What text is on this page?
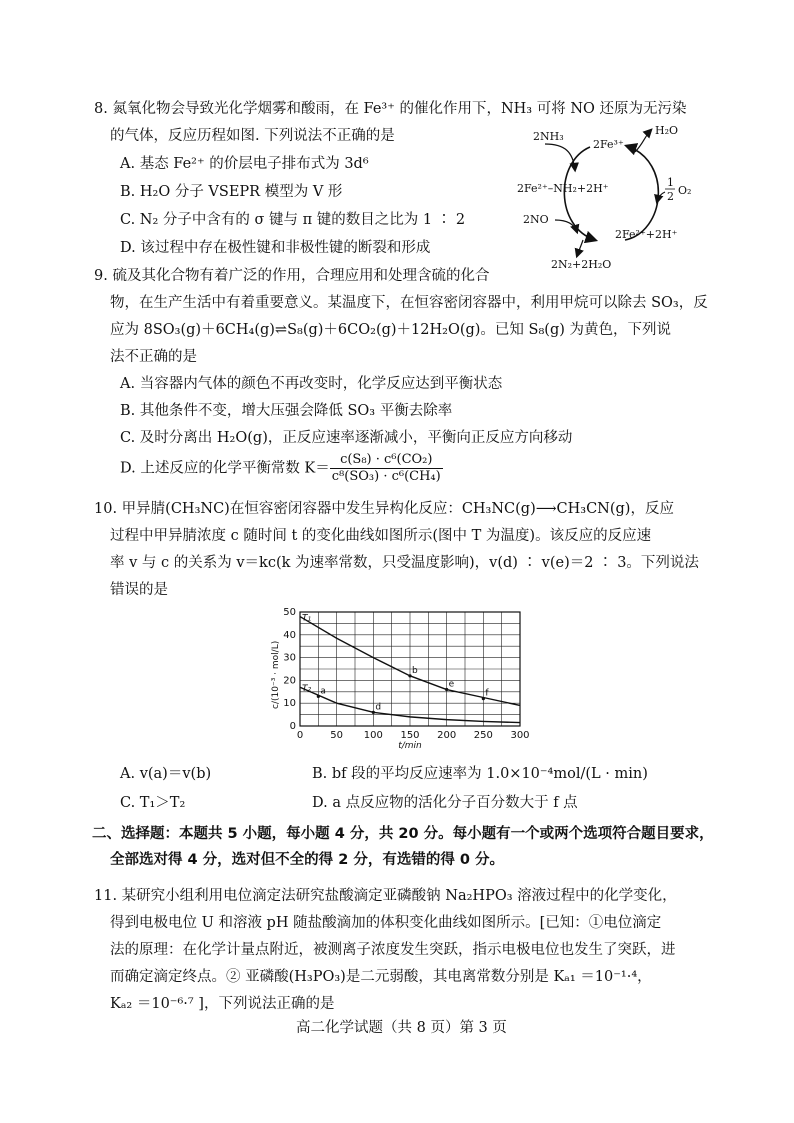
8. 氮氧化物会导致光化学烟雾和酸雨，在 Fe³⁺ 的催化作用下，NH₃ 可将 NO 还原为无污染
的气体，反应历程如图. 下列说法不正确的是
A. 基态 Fe²⁺ 的价层电子排布式为 3d⁶
B. H₂O 分子 VSEPR 模型为 V 形
C. N₂ 分子中含有的 σ 键与 π 键的数目之比为 1 ∶ 2
D. 该过程中存在极性键和非极性键的断裂和形成
2NH₃
2Fe³⁺
H₂O
2Fe²⁺–NH₂+2H⁺	1
2 O₂
2NO
2Fe²⁺+2H⁺
2N₂+2H₂O
9. 硫及其化合物有着广泛的作用，合理应用和处理含硫的化合
物，在生产生活中有着重要意义。某温度下，在恒容密闭容器中，利用甲烷可以除去 SO₃，反
应为 8SO₃(g)＋6CH₄(g)⇌S₈(g)＋6CO₂(g)＋12H₂O(g)。已知 S₈(g) 为黄色，下列说
法不正确的是
A. 当容器内气体的颜色不再改变时，化学反应达到平衡状态
B. 其他条件不变，增大压强会降低 SO₃ 平衡去除率
C. 及时分离出 H₂O(g)，正反应速率逐渐减小，平衡向正反应方向移动
D. 上述反应的化学平衡常数 $K= \frac{\text{c(S₈) · c⁶(CO₂)}}{\text{c⁸(SO₃) · c⁶(CH₄)}}$
10. 甲异腈(CH₃NC)在恒容密闭容器中发生异构化反应：CH₃NC(g)⟶CH₃CN(g)，反应
过程中甲异腈浓度 c 随时间 t 的变化曲线如图所示(图中 T 为温度)。该反应的反应速
率 v 与 c 的关系为 v＝kc(k 为速率常数，只受温度影响)，v(d) ∶ v(e)＝2 ∶ 3。下列说法
错误的是
0
10
20
30
40
50
0	50 100 150 200 250 300
t/min
c/(10⁻³ · mol/L)
T₁
T₂ a
b
d
e
f
A. v(a)＝v(b)	B. bf 段的平均反应速率为 1.0×10⁻⁴mol/(L · min)
C. T₁＞T₂	D. a 点反应物的活化分子百分数大于 f 点
二、选择题：本题共 5 小题，每小题 4 分，共 20 分。每小题有一个或两个选项符合题目要求，
全部选对得 4 分，选对但不全的得 2 分，有选错的得 0 分。
11. 某研究小组利用电位滴定法研究盐酸滴定亚磷酸钠 Na₂HPO₃ 溶液过程中的化学变化，
得到电极电位 U 和溶液 pH 随盐酸滴加的体积变化曲线如图所示。[已知：①电位滴定
法的原理：在化学计量点附近，被测离子浓度发生突跃，指示电极电位也发生了突跃，进
而确定滴定终点。② 亚磷酸(H₃PO₃)是二元弱酸，其电离常数分别是 Kₐ₁ ＝10⁻¹·⁴，
Kₐ₂ ＝10⁻⁶·⁷ ]，下列说法正确的是
高二化学试题（共 8 页）第 3 页
